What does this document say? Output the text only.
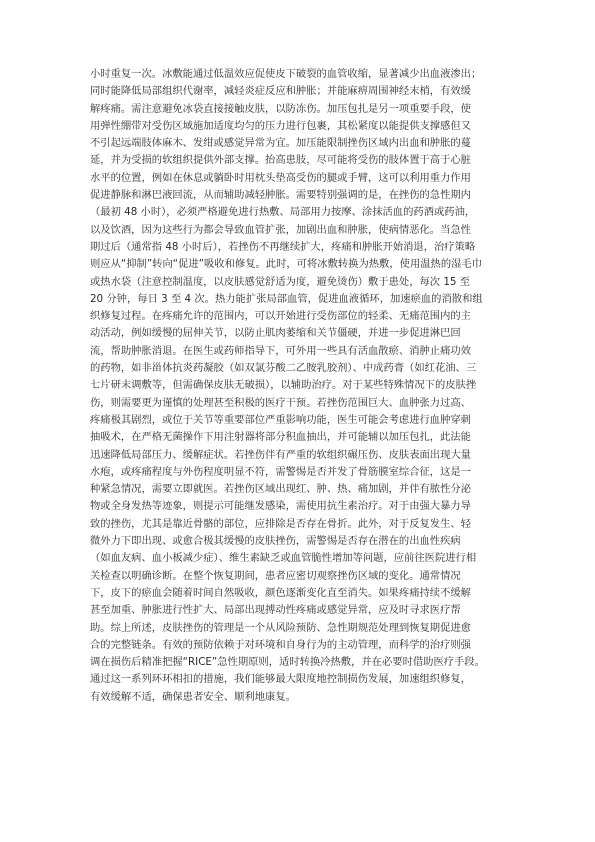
小时重复一次。冰敷能通过低温效应促使皮下破裂的血管收缩，显著减少出血液渗出；
同时能降低局部组织代谢率，减轻炎症反应和肿胀；并能麻痹周围神经末梢，有效缓
解疼痛。需注意避免冰袋直接接触皮肤，以防冻伤。加压包扎是另一项重要手段，使
用弹性绷带对受伤区域施加适度均匀的压力进行包裹，其松紧度以能提供支撑感但又
不引起远端肢体麻木、发绀或感觉异常为宜。加压能限制挫伤区域内出血和肿胀的蔓
延，并为受损的软组织提供外部支撑。抬高患肢，尽可能将受伤的肢体置于高于心脏
水平的位置，例如在休息或躺卧时用枕头垫高受伤的腿或手臂，这可以利用重力作用
促进静脉和淋巴液回流，从而辅助减轻肿胀。需要特别强调的是，在挫伤的急性期内
（最初 48 小时），必须严格避免进行热敷、局部用力按摩、涂抹活血的药酒或药油，
以及饮酒，因为这些行为都会导致血管扩张，加剧出血和肿胀，使病情恶化。当急性
期过后（通常指 48 小时后），若挫伤不再继续扩大，疼痛和肿胀开始消退，治疗策略
则应从“抑制”转向“促进”吸收和修复。此时，可将冰敷转换为热敷，使用温热的湿毛巾
或热水袋（注意控制温度，以皮肤感觉舒适为度，避免烫伤）敷于患处，每次 15 至
20 分钟，每日 3 至 4 次。热力能扩张局部血管，促进血液循环，加速瘀血的消散和组
织修复过程。在疼痛允许的范围内，可以开始进行受伤部位的轻柔、无痛范围内的主
动活动，例如缓慢的屈伸关节，以防止肌肉萎缩和关节僵硬，并进一步促进淋巴回
流，帮助肿胀消退。在医生或药师指导下，可外用一些具有活血散瘀、消肿止痛功效
的药物，如非甾体抗炎药凝胶（如双氯芬酸二乙胺乳胶剂）、中成药膏（如红花油、三
七片研末调敷等，但需确保皮肤无破损），以辅助治疗。对于某些特殊情况下的皮肤挫
伤，则需要更为谨慎的处理甚至积极的医疗干预。若挫伤范围巨大、血肿张力过高、
疼痛极其剧烈，或位于关节等重要部位严重影响功能，医生可能会考虑进行血肿穿刺
抽吸术，在严格无菌操作下用注射器将部分积血抽出，并可能辅以加压包扎，此法能
迅速降低局部压力、缓解症状。若挫伤伴有严重的软组织碾压伤、皮肤表面出现大量
水疱，或疼痛程度与外伤程度明显不符，需警惕是否并发了骨筋膜室综合征，这是一
种紧急情况，需要立即就医。若挫伤区域出现红、肿、热、痛加剧，并伴有脓性分泌
物或全身发热等迹象，则提示可能继发感染，需使用抗生素治疗。对于由强大暴力导
致的挫伤，尤其是靠近骨骼的部位，应排除是否存在骨折。此外，对于反复发生、轻
微外力下即出现、或愈合极其缓慢的皮肤挫伤，需警惕是否存在潜在的出血性疾病
（如血友病、血小板减少症）、维生素缺乏或血管脆性增加等问题，应前往医院进行相
关检查以明确诊断。在整个恢复期间，患者应密切观察挫伤区域的变化。通常情况
下，皮下的瘀血会随着时间自然吸收，颜色逐渐变化直至消失。如果疼痛持续不缓解
甚至加重、肿胀进行性扩大、局部出现搏动性疼痛或感觉异常，应及时寻求医疗帮
助。综上所述，皮肤挫伤的管理是一个从风险预防、急性期规范处理到恢复期促进愈
合的完整链条。有效的预防依赖于对环境和自身行为的主动管理，而科学的治疗则强
调在损伤后精准把握“RICE”急性期原则，适时转换冷热敷，并在必要时借助医疗手段。
通过这一系列环环相扣的措施，我们能够最大限度地控制损伤发展，加速组织修复，
有效缓解不适，确保患者安全、顺利地康复。
